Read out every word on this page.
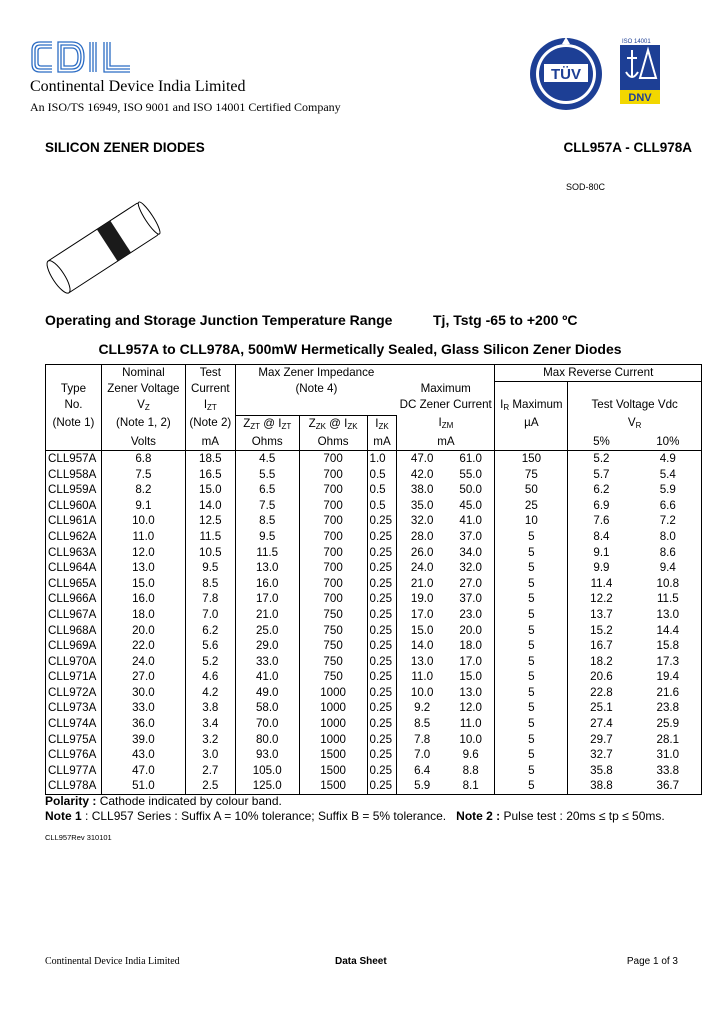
Continental Device India Limited
An ISO/TS 16949, ISO 9001 and ISO 14001 Certified Company
TÜV
ISO 14001
DNV
SILICON ZENER DIODES	CLL957A - CLL978A
SOD-80C
Operating and Storage Junction Temperature Range	Tj, Tstg -65 to +200 ºC
CLL957A to CLL978A, 500mW Hermetically Sealed, Glass Silicon Zener Diodes

Type	Nominal	Test	Max Zener Impedance					Max Reverse Current		
	Zener Voltage	Current	(Note 4)			Maximum				
No.	$V_Z$	$I_{ZT}$				DC Zener Current		$I_R$ Maximum	Test Voltage Vdc	
(Note 1)	(Note 1, 2)	(Note 2)	$Z_{ZT}$ @ $I_{ZT}$	$Z_{ZK}$ @ $I_{ZK}$	$I_{ZK}$	$I_{ZM}$		µA	$V_R$
	Volts	mA	Ohms	Ohms	mA	mA			5%	10%
CLL957A	6.8	18.5	4.5	700	1.0	47.0	61.0	150	5.2	4.9
CLL958A	7.5	16.5	5.5	700	0.5	42.0	55.0	75	5.7	5.4
CLL959A	8.2	15.0	6.5	700	0.5	38.0	50.0	50	6.2	5.9
CLL960A	9.1	14.0	7.5	700	0.5	35.0	45.0	25	6.9	6.6
CLL961A	10.0	12.5	8.5	700	0.25	32.0	41.0	10	7.6	7.2
CLL962A	11.0	11.5	9.5	700	0.25	28.0	37.0	5	8.4	8.0
CLL963A	12.0	10.5	11.5	700	0.25	26.0	34.0	5	9.1	8.6
CLL964A	13.0	9.5	13.0	700	0.25	24.0	32.0	5	9.9	9.4
CLL965A	15.0	8.5	16.0	700	0.25	21.0	27.0	5	11.4	10.8
CLL966A	16.0	7.8	17.0	700	0.25	19.0	37.0	5	12.2	11.5
CLL967A	18.0	7.0	21.0	750	0.25	17.0	23.0	5	13.7	13.0
CLL968A	20.0	6.2	25.0	750	0.25	15.0	20.0	5	15.2	14.4
CLL969A	22.0	5.6	29.0	750	0.25	14.0	18.0	5	16.7	15.8
CLL970A	24.0	5.2	33.0	750	0.25	13.0	17.0	5	18.2	17.3
CLL971A	27.0	4.6	41.0	750	0.25	11.0	15.0	5	20.6	19.4
CLL972A	30.0	4.2	49.0	1000	0.25	10.0	13.0	5	22.8	21.6
CLL973A	33.0	3.8	58.0	1000	0.25	9.2	12.0	5	25.1	23.8
CLL974A	36.0	3.4	70.0	1000	0.25	8.5	11.0	5	27.4	25.9
CLL975A	39.0	3.2	80.0	1000	0.25	7.8	10.0	5	29.7	28.1
CLL976A	43.0	3.0	93.0	1500	0.25	7.0	9.6	5	32.7	31.0
CLL977A	47.0	2.7	105.0	1500	0.25	6.4	8.8	5	35.8	33.8
CLL978A	51.0	2.5	125.0	1500	0.25	5.9	8.1	5	38.8	36.7
Polarity : Cathode indicated by colour band.
Note 1 : CLL957 Series : Suffix A = 10% tolerance; Suffix B = 5% tolerance. Note 2 : Pulse test : 20ms ≤ tp ≤ 50ms.
CLL957Rev 310101
Continental Device India Limited	Data Sheet	Page 1 of 3
